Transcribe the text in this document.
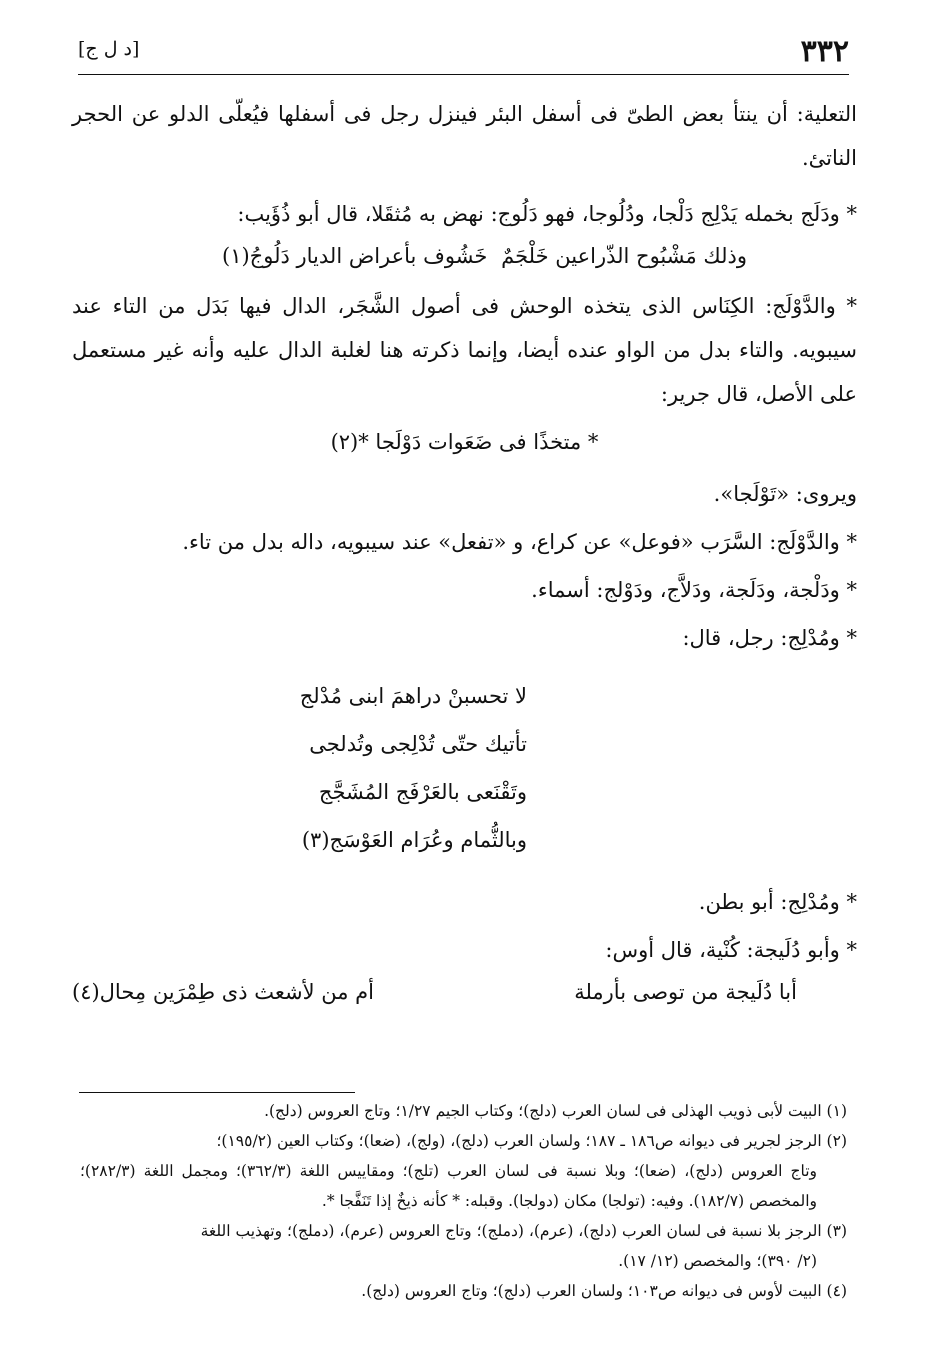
٣٣٢
[د ل ج]

التعلية: أن ينتأ بعض الطىّ فى أسفل البئر فينزل رجل فى أسفلها فيُعلّى الدلو عن الحجر الناتئ.

* ودَلَج بخمله يَدْلِج دَلْجا، ودُلُوجا، فهو دَلُوج: نهض به مُثقَلا، قال أبو ذُؤَيب:

وذلك مَشْبُوح الذّراعين خَلْجَمٌ
خَشُوف بأعراض الديار دَلُوجُ(١)

* والدَّوْلَج: الكِنَاس الذى يتخذه الوحش فى أصول الشَّجَر، الدال فيها بَدَل من التاء عند سيبويه. والتاء بدل من الواو عنده أيضا، وإنما ذكرته هنا لغلبة الدال عليه وأنه غير مستعمل على الأصل، قال جرير:

* متخذًا فى ضَعَوات دَوْلَجا *(٢)

ويروى: «تَوْلَجا».

* والدَّوْلَج: السَّرَب «فوعل» عن كراع، و «تفعل» عند سيبويه، داله بدل من تاء.

* ودَلْجة، ودَلَجة، ودَلاَّج، ودَوْلج: أسماء.

* ومُدْلِج: رجل، قال:

لا تحسبنْ دراهمَ ابنى مُدْلج
تأتيك حتّى تُدْلِجى وتُدلجى
وتَقْنَعى بالعَرْفَج المُشَجَّج
وبالثُّمام وعُرَام العَوْسَج(٣)

* ومُدْلِج: أبو بطن.

* وأبو دُلَيجة: كُنْية، قال أوس:

أبا دُلَيجة من توصى بأرملة
أم من لأشعث ذى طِمْرَين مِحال(٤)

(١) البيت لأبى ذويب الهذلى فى لسان العرب (دلج)؛ وكتاب الجيم ١/٢٧؛ وتاج العروس (دلج).

(٢) الرجز لجرير فى ديوانه ص١٨٦ ـ ١٨٧؛ ولسان العرب (دلج)، (ولج)، (ضعا)؛ وكتاب العين (١٩٥/٢)؛

وتاج العروس (دلج)، (ضعا)؛ وبلا نسبة فى لسان العرب (تلج)؛ ومقاييس اللغة (٣٦٢/٣)؛ ومجمل اللغة (٢٨٢/٣)؛ والمخصص (١٨٢/٧). وفيه: (تولجا) مكان (دولجا). وقبله: * كأنه ذيخٌ إذا تَنَفَّجا *.

(٣) الرجز بلا نسبة فى لسان العرب (دلج)، (عرم)، (دملج)؛ وتاج العروس (عرم)، (دملج)؛ وتهذيب اللغة

(٢/ ٣٩٠)؛ والمخصص (١٢/ ١٧).

(٤) البيت لأوس فى ديوانه ص١٠٣؛ ولسان العرب (دلج)؛ وتاج العروس (دلج).
